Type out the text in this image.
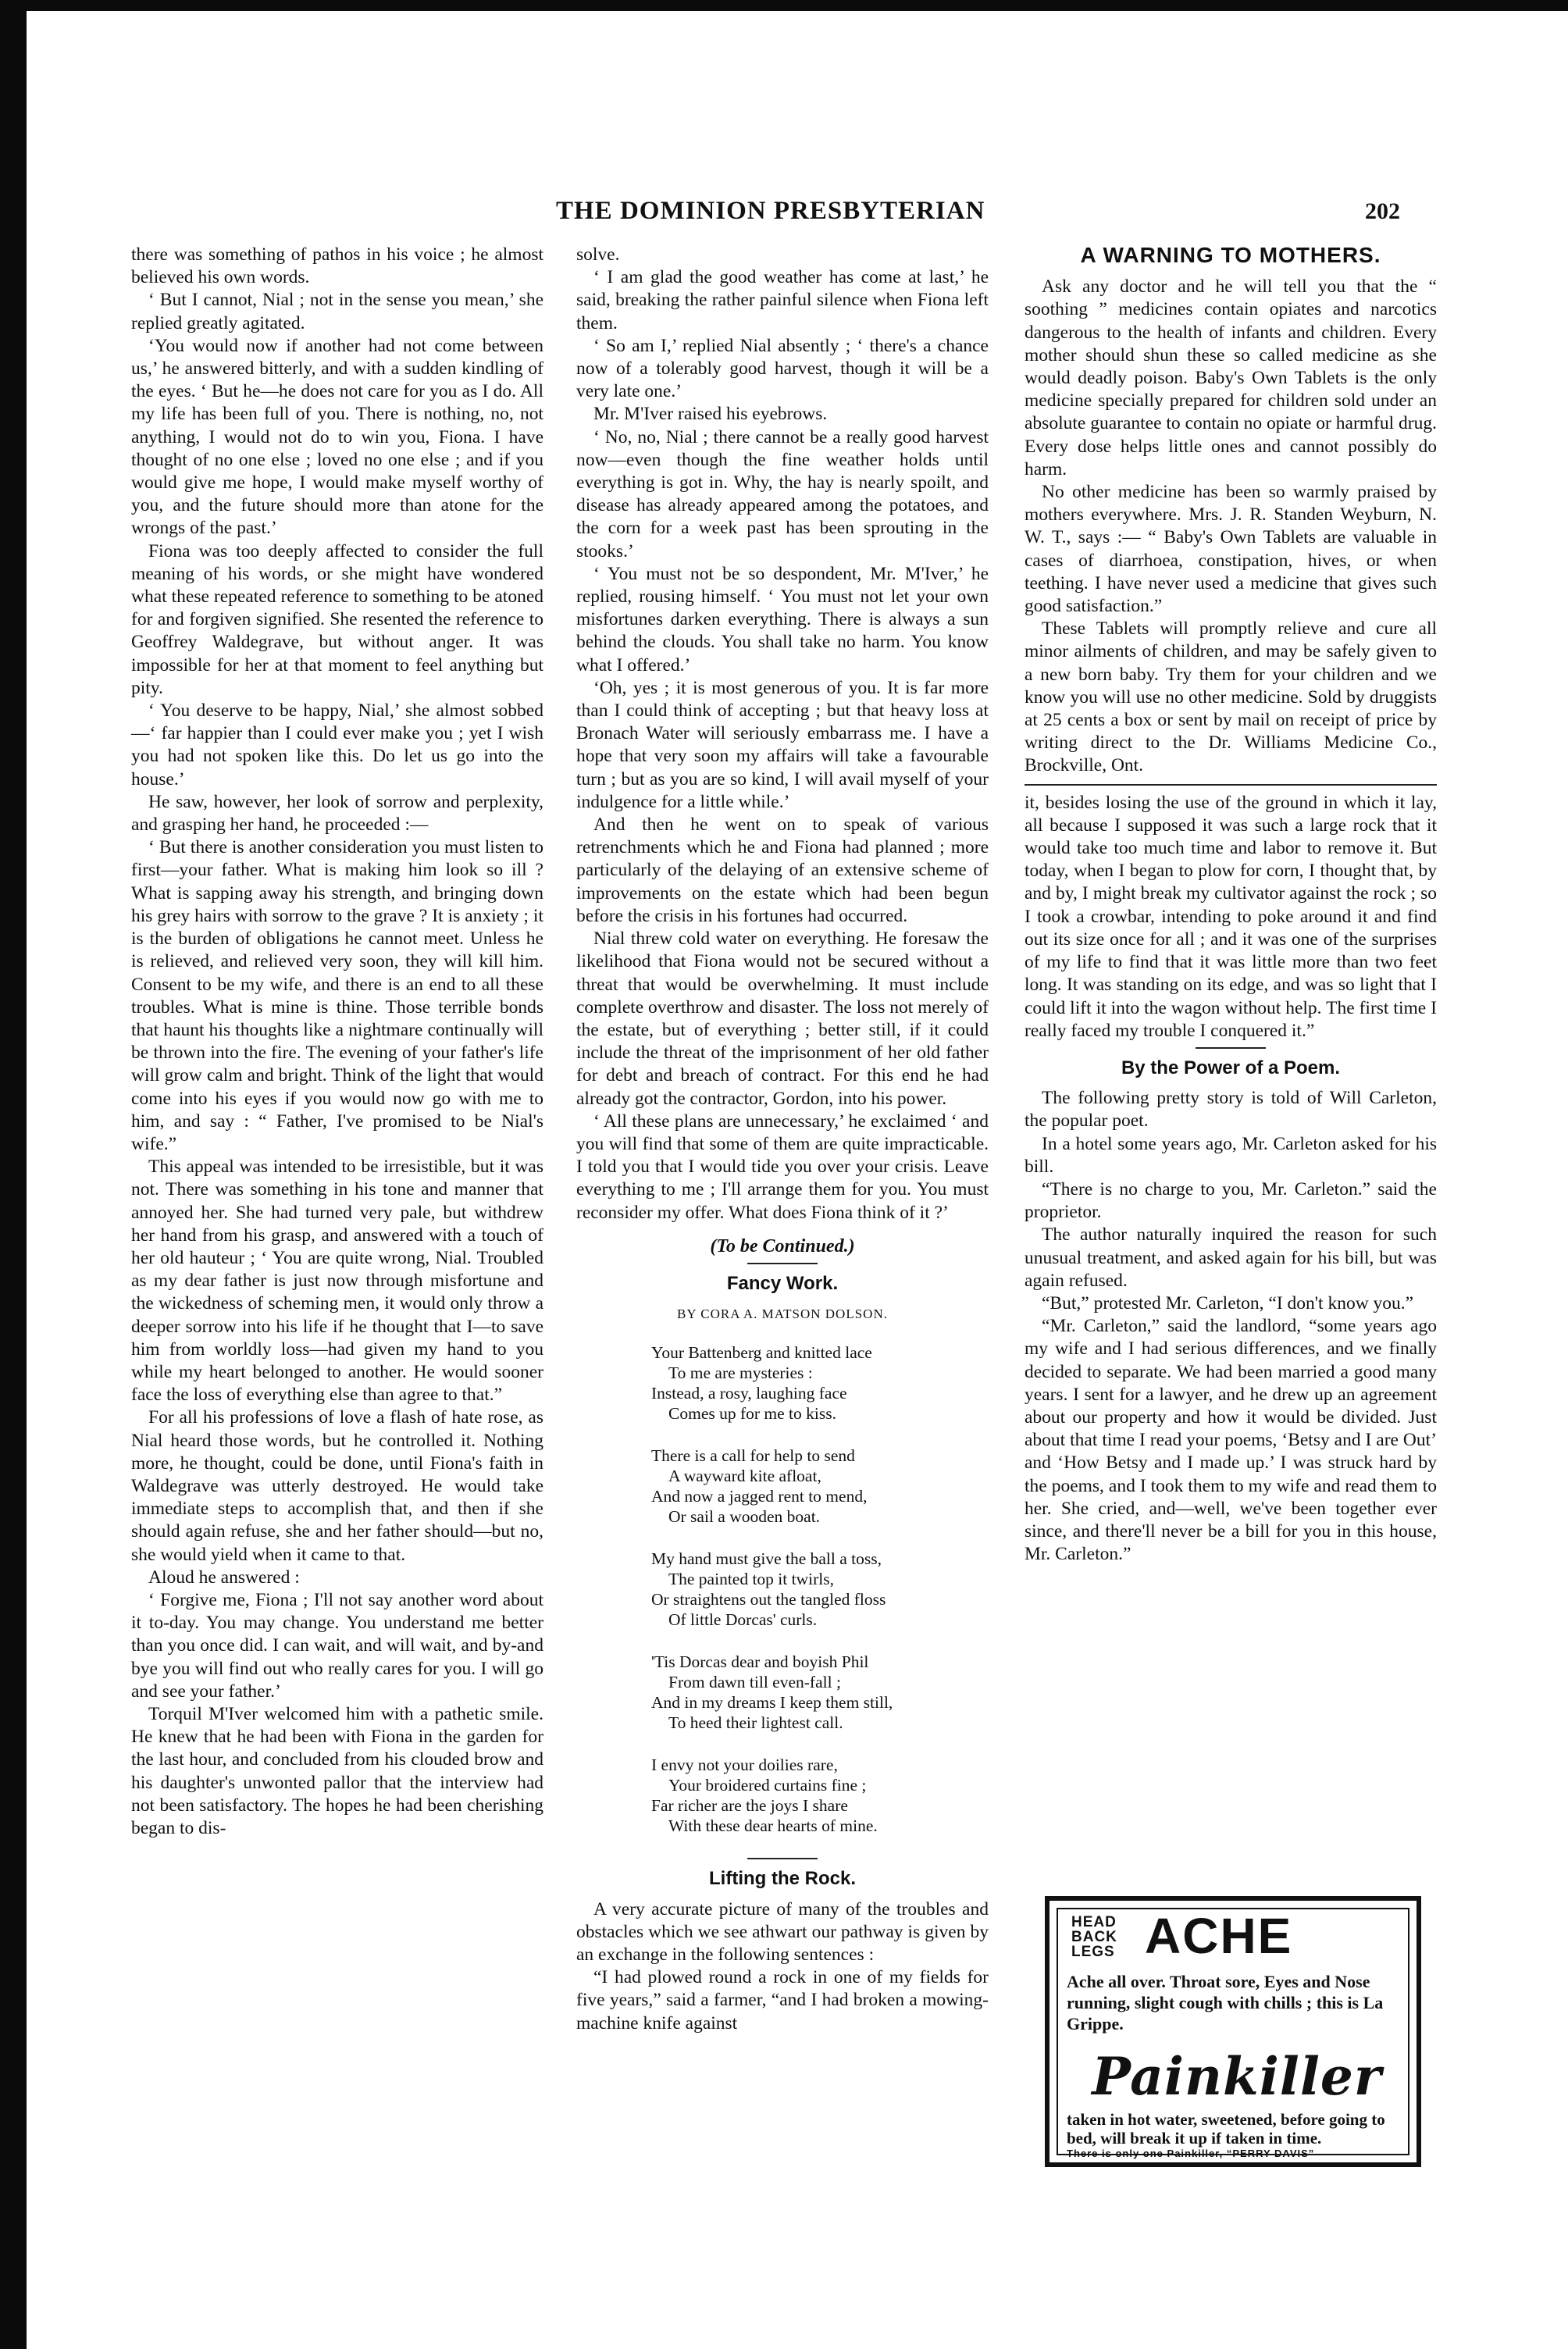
THE DOMINION PRESBYTERIAN	202

there was something of pathos in his voice ; he almost believed his own words.

‘ But I cannot, Nial ; not in the sense you mean,’ she replied greatly agitated.

‘You would now if another had not come between us,’ he answered bitterly, and with a sudden kindling of the eyes. ‘ But he—he does not care for you as I do. All my life has been full of you. There is nothing, no, not anything, I would not do to win you, Fiona. I have thought of no one else ; loved no one else ; and if you would give me hope, I would make myself worthy of you, and the future should more than atone for the wrongs of the past.’

Fiona was too deeply affected to consider the full meaning of his words, or she might have wondered what these repeated reference to something to be atoned for and forgiven signified. She resented the reference to Geoffrey Waldegrave, but without anger. It was impossible for her at that moment to feel anything but pity.

‘ You deserve to be happy, Nial,’ she almost sobbed—‘ far happier than I could ever make you ; yet I wish you had not spoken like this. Do let us go into the house.’

He saw, however, her look of sorrow and perplexity, and grasping her hand, he proceeded :—

‘ But there is another consideration you must listen to first—your father. What is making him look so ill ? What is sapping away his strength, and bringing down his grey hairs with sorrow to the grave ? It is anxiety ; it is the burden of obligations he cannot meet. Unless he is relieved, and relieved very soon, they will kill him. Consent to be my wife, and there is an end to all these troubles. What is mine is thine. Those terrible bonds that haunt his thoughts like a nightmare continually will be thrown into the fire. The evening of your father's life will grow calm and bright. Think of the light that would come into his eyes if you would now go with me to him, and say : “ Father, I've promised to be Nial's wife.”

This appeal was intended to be irresistible, but it was not. There was something in his tone and manner that annoyed her. She had turned very pale, but withdrew her hand from his grasp, and answered with a touch of her old hauteur ; ‘ You are quite wrong, Nial. Troubled as my dear father is just now through misfortune and the wickedness of scheming men, it would only throw a deeper sorrow into his life if he thought that I—to save him from worldly loss—had given my hand to you while my heart belonged to another. He would sooner face the loss of everything else than agree to that.”

For all his professions of love a flash of hate rose, as Nial heard those words, but he controlled it. Nothing more, he thought, could be done, until Fiona's faith in Waldegrave was utterly destroyed. He would take immediate steps to accomplish that, and then if she should again refuse, she and her father should—but no, she would yield when it came to that.

Aloud he answered :

‘ Forgive me, Fiona ; I'll not say another word about it to-day. You may change. You understand me better than you once did. I can wait, and will wait, and by-and bye you will find out who really cares for you. I will go and see your father.’

Torquil M'Iver welcomed him with a pathetic smile. He knew that he had been with Fiona in the garden for the last hour, and concluded from his clouded brow and his daughter's unwonted pallor that the interview had not been satisfactory. The hopes he had been cherishing began to dis-

solve.

‘ I am glad the good weather has come at last,’ he said, breaking the rather painful silence when Fiona left them.

‘ So am I,’ replied Nial absently ; ‘ there's a chance now of a tolerably good harvest, though it will be a very late one.’

Mr. M'Iver raised his eyebrows.

‘ No, no, Nial ; there cannot be a really good harvest now—even though the fine weather holds until everything is got in. Why, the hay is nearly spoilt, and disease has already appeared among the potatoes, and the corn for a week past has been sprouting in the stooks.’

‘ You must not be so despondent, Mr. M'Iver,’ he replied, rousing himself. ‘ You must not let your own misfortunes darken everything. There is always a sun behind the clouds. You shall take no harm. You know what I offered.’

‘Oh, yes ; it is most generous of you. It is far more than I could think of accepting ; but that heavy loss at Bronach Water will seriously embarrass me. I have a hope that very soon my affairs will take a favourable turn ; but as you are so kind, I will avail myself of your indulgence for a little while.’

And then he went on to speak of various retrenchments which he and Fiona had planned ; more particularly of the delaying of an extensive scheme of improvements on the estate which had been begun before the crisis in his fortunes had occurred.

Nial threw cold water on everything. He foresaw the likelihood that Fiona would not be secured without a threat that would be overwhelming. It must include complete overthrow and disaster. The loss not merely of the estate, but of everything ; better still, if it could include the threat of the imprisonment of her old father for debt and breach of contract. For this end he had already got the contractor, Gordon, into his power.

‘ All these plans are unnecessary,’ he exclaimed ‘ and you will find that some of them are quite impracticable. I told you that I would tide you over your crisis. Leave everything to me ; I'll arrange them for you. You must reconsider my offer. What does Fiona think of it ?’

(To be Continued.)
Fancy Work.
BY CORA A. MATSON DOLSON.
Your Battenberg and knitted lace
To me are mysteries :
Instead, a rosy, laughing face
Comes up for me to kiss.
There is a call for help to send
A wayward kite afloat,
And now a jagged rent to mend,
Or sail a wooden boat.
My hand must give the ball a toss,
The painted top it twirls,
Or straightens out the tangled floss
Of little Dorcas' curls.
'Tis Dorcas dear and boyish Phil
From dawn till even-fall ;
And in my dreams I keep them still,
To heed their lightest call.
I envy not your doilies rare,
Your broidered curtains fine ;
Far richer are the joys I share
With these dear hearts of mine.
Lifting the Rock.

A very accurate picture of many of the troubles and obstacles which we see athwart our pathway is given by an exchange in the following sentences :

“I had plowed round a rock in one of my fields for five years,” said a farmer, “and I had broken a mowing-machine knife against

A WARNING TO MOTHERS.

Ask any doctor and he will tell you that the “ soothing ” medicines contain opiates and narcotics dangerous to the health of infants and children. Every mother should shun these so called medicine as she would deadly poison. Baby's Own Tablets is the only medicine specially prepared for children sold under an absolute guarantee to contain no opiate or harmful drug. Every dose helps little ones and cannot possibly do harm.

No other medicine has been so warmly praised by mothers everywhere. Mrs. J. R. Standen Weyburn, N. W. T., says :— “ Baby's Own Tablets are valuable in cases of diarrhoea, constipation, hives, or when teething. I have never used a medicine that gives such good satisfaction.”

These Tablets will promptly relieve and cure all minor ailments of children, and may be safely given to a new born baby. Try them for your children and we know you will use no other medicine. Sold by druggists at 25 cents a box or sent by mail on receipt of price by writing direct to the Dr. Williams Medicine Co., Brockville, Ont.

it, besides losing the use of the ground in which it lay, all because I supposed it was such a large rock that it would take too much time and labor to remove it. But today, when I began to plow for corn, I thought that, by and by, I might break my cultivator against the rock ; so I took a crowbar, intending to poke around it and find out its size once for all ; and it was one of the surprises of my life to find that it was little more than two feet long. It was standing on its edge, and was so light that I could lift it into the wagon without help. The first time I really faced my trouble I conquered it.”

By the Power of a Poem.

The following pretty story is told of Will Carleton, the popular poet.

In a hotel some years ago, Mr. Carleton asked for his bill.

“There is no charge to you, Mr. Carleton.” said the proprietor.

The author naturally inquired the reason for such unusual treatment, and asked again for his bill, but was again refused.

“But,” protested Mr. Carleton, “I don't know you.”

“Mr. Carleton,” said the landlord, “some years ago my wife and I had serious differences, and we finally decided to separate. We had been married a good many years. I sent for a lawyer, and he drew up an agreement about our property and how it would be divided. Just about that time I read your poems, ‘Betsy and I are Out’ and ‘How Betsy and I made up.’ I was struck hard by the poems, and I took them to my wife and read them to her. She cried, and—well, we've been together ever since, and there'll never be a bill for you in this house, Mr. Carleton.”

HEAD
BACK
LEGS ACHE
Ache all over. Throat sore, Eyes and Nose running, slight cough with chills ; this is La Grippe.
Painkiller
taken in hot water, sweetened, before going to bed, will break it up if taken in time.
There is only one Painkiller, “PERRY DAVIS”
